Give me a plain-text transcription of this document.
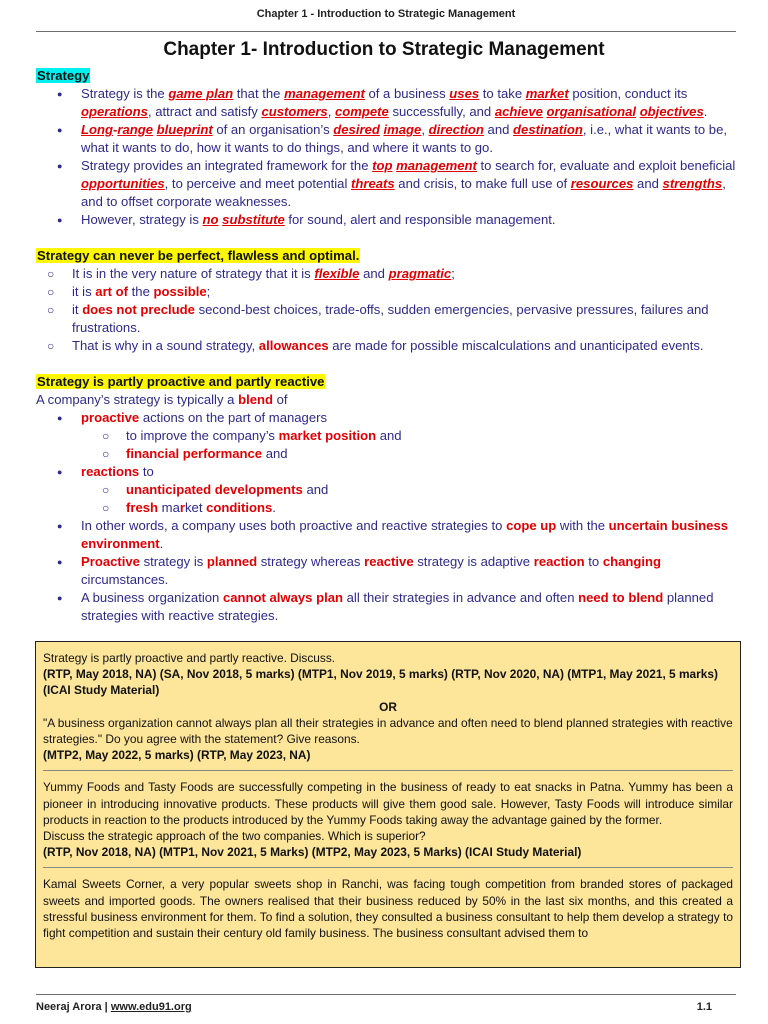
Chapter 1 - Introduction to Strategic Management
Chapter 1- Introduction to Strategic Management
Strategy
● Strategy is the game plan that the management of a business uses to take market position, conduct its operations, attract and satisfy customers, compete successfully, and achieve organisational objectives.
● Long-range blueprint of an organisation’s desired image, direction and destination, i.e., what it wants to be, what it wants to do, how it wants to do things, and where it wants to go.
● Strategy provides an integrated framework for the top management to search for, evaluate and exploit beneficial opportunities, to perceive and meet potential threats and crisis, to make full use of resources and strengths, and to offset corporate weaknesses.
● However, strategy is no substitute for sound, alert and responsible management.
Strategy can never be perfect, flawless and optimal.
○ It is in the very nature of strategy that it is flexible and pragmatic;
○ it is art of the possible;
○ it does not preclude second-best choices, trade-offs, sudden emergencies, pervasive pressures, failures and frustrations.
○ That is why in a sound strategy, allowances are made for possible miscalculations and unanticipated events.
Strategy is partly proactive and partly reactive
A company’s strategy is typically a blend of
● proactive actions on the part of managers
○ to improve the company’s market position and
○ financial performance and
● reactions to
○ unanticipated developments and
○ fresh market conditions.
● In other words, a company uses both proactive and reactive strategies to cope up with the uncertain business environment.
● Proactive strategy is planned strategy whereas reactive strategy is adaptive reaction to changing circumstances.
● A business organization cannot always plan all their strategies in advance and often need to blend planned strategies with reactive strategies.

Strategy is partly proactive and partly reactive. Discuss.

(RTP, May 2018, NA) (SA, Nov 2018, 5 marks) (MTP1, Nov 2019, 5 marks) (RTP, Nov 2020, NA) (MTP1, May 2021, 5 marks) (ICAI Study Material)

OR

"A business organization cannot always plan all their strategies in advance and often need to blend planned strategies with reactive strategies." Do you agree with the statement? Give reasons.

(MTP2, May 2022, 5 marks) (RTP, May 2023, NA)

Yummy Foods and Tasty Foods are successfully competing in the business of ready to eat snacks in Patna. Yummy has been a pioneer in introducing innovative products. These products will give them good sale. However, Tasty Foods will introduce similar products in reaction to the products introduced by the Yummy Foods taking away the advantage gained by the former.

Discuss the strategic approach of the two companies. Which is superior?

(RTP, Nov 2018, NA) (MTP1, Nov 2021, 5 Marks) (MTP2, May 2023, 5 Marks) (ICAI Study Material)

Kamal Sweets Corner, a very popular sweets shop in Ranchi, was facing tough competition from branded stores of packaged sweets and imported goods. The owners realised that their business reduced by 50% in the last six months, and this created a stressful business environment for them. To find a solution, they consulted a business consultant to help them develop a strategy to fight competition and sustain their century old family business. The business consultant advised them to

Neeraj Arora | www.edu91.org	1.1
